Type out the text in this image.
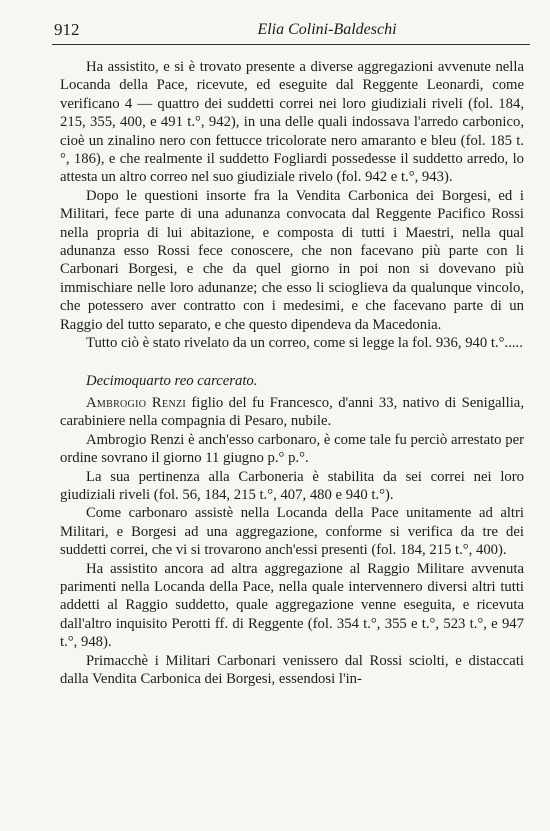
912	Elia Colini-Baldeschi

Ha assistito, e si è trovato presente a diverse aggregazioni avvenute nella Locanda della Pace, ricevute, ed eseguite dal Reggente Leonardi, come verificano 4 — quattro dei suddetti correi nei loro giudiziali riveli (fol. 184, 215, 355, 400, e 491 t.°, 942), in una delle quali indossava l'arredo carbonico, cioè un zinalino nero con fettucce tricolorate nero amaranto e bleu (fol. 185 t.°, 186), e che realmente il suddetto Fogliardi possedesse il suddetto arredo, lo attesta un altro correo nel suo giudiziale rivelo (fol. 942 e t.°, 943).

Dopo le questioni insorte fra la Vendita Carbonica dei Borgesi, ed i Militari, fece parte di una adunanza convocata dal Reggente Pacifico Rossi nella propria di lui abitazione, e composta di tutti i Maestri, nella qual adunanza esso Rossi fece conoscere, che non facevano più parte con li Carbonari Borgesi, e che da quel giorno in poi non si dovevano più immischiare nelle loro adunanze; che esso li scioglieva da qualunque vincolo, che potessero aver contratto con i medesimi, e che facevano parte di un Raggio del tutto separato, e che questo dipendeva da Macedonia.

Tutto ciò è stato rivelato da un correo, come si legge la fol. 936, 940 t.°.....

Decimoquarto reo carcerato.

Ambrogio Renzi figlio del fu Francesco, d'anni 33, nativo di Senigallia, carabiniere nella compagnia di Pesaro, nubile.

Ambrogio Renzi è anch'esso carbonaro, è come tale fu perciò arrestato per ordine sovrano il giorno 11 giugno p.° p.°.

La sua pertinenza alla Carboneria è stabilita da sei correi nei loro giudiziali riveli (fol. 56, 184, 215 t.°, 407, 480 e 940 t.°).

Come carbonaro assistè nella Locanda della Pace unitamente ad altri Militari, e Borgesi ad una aggregazione, conforme si verifica da tre dei suddetti correi, che vi si trovarono anch'essi presenti (fol. 184, 215 t.°, 400).

Ha assistito ancora ad altra aggregazione al Raggio Militare avvenuta parimenti nella Locanda della Pace, nella quale intervennero diversi altri tutti addetti al Raggio suddetto, quale aggregazione venne eseguita, e ricevuta dall'altro inquisito Perotti ff. di Reggente (fol. 354 t.°, 355 e t.°, 523 t.°, e 947 t.°, 948).

Primacchè i Militari Carbonari venissero dal Rossi sciolti, e distaccati dalla Vendita Carbonica dei Borgesi, essendosi l'in-
